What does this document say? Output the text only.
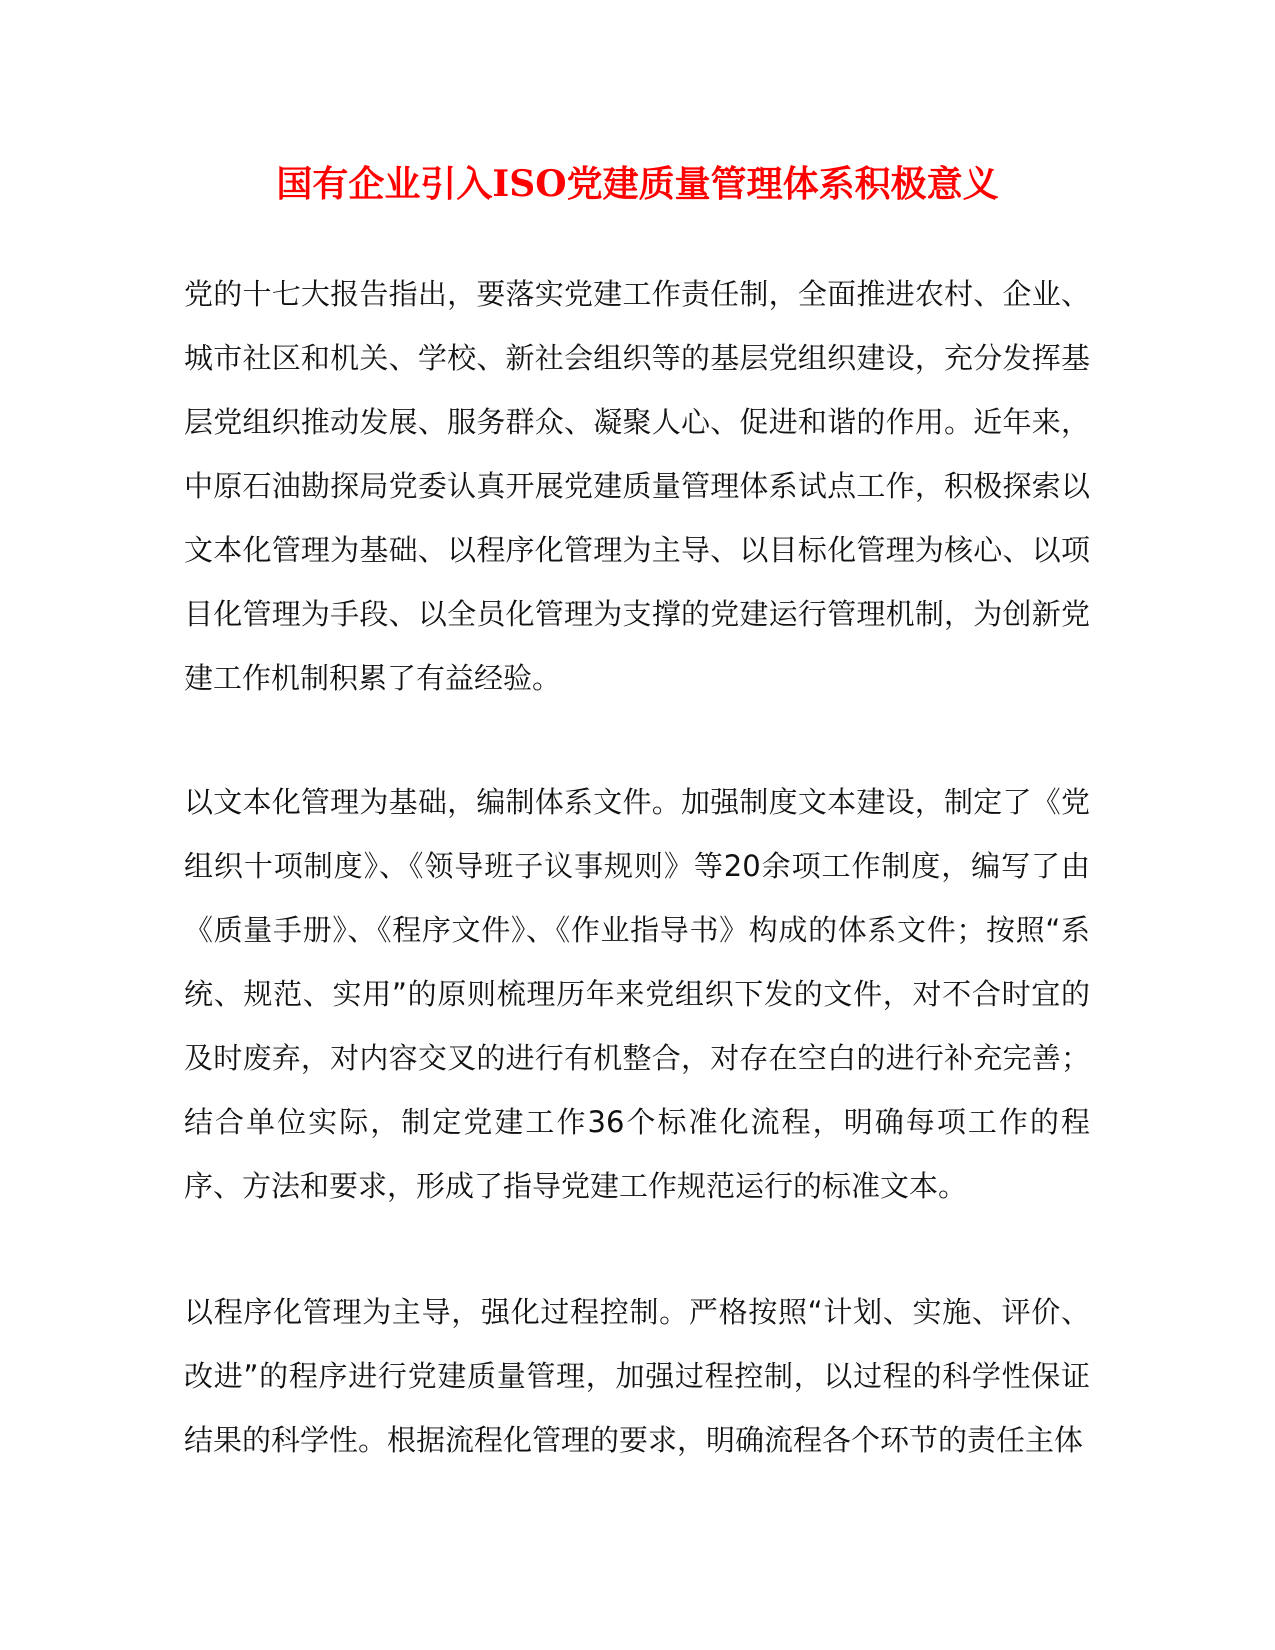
国有企业引入ISO党建质量管理体系积极意义

党的十七大报告指出，要落实党建工作责任制，全面推进农村、企业、城市社区和机关、学校、新社会组织等的基层党组织建设，充分发挥基层党组织推动发展、服务群众、凝聚人心、促进和谐的作用。近年来，中原石油勘探局党委认真开展党建质量管理体系试点工作，积极探索以文本化管理为基础、以程序化管理为主导、以目标化管理为核心、以项目化管理为手段、以全员化管理为支撑的党建运行管理机制，为创新党建工作机制积累了有益经验。

以文本化管理为基础，编制体系文件。加强制度文本建设，制定了《党组织十项制度》、《领导班子议事规则》等20余项工作制度，编写了由《质量手册》、《程序文件》、《作业指导书》构成的体系文件；按照“系统、规范、实用”的原则梳理历年来党组织下发的文件，对不合时宜的及时废弃，对内容交叉的进行有机整合，对存在空白的进行补充完善；结合单位实际，制定党建工作36个标准化流程，明确每项工作的程序、方法和要求，形成了指导党建工作规范运行的标准文本。

以程序化管理为主导，强化过程控制。严格按照“计划、实施、评价、改进”的程序进行党建质量管理，加强过程控制，以过程的科学性保证结果的科学性。根据流程化管理的要求，明确流程各个环节的责任主体
